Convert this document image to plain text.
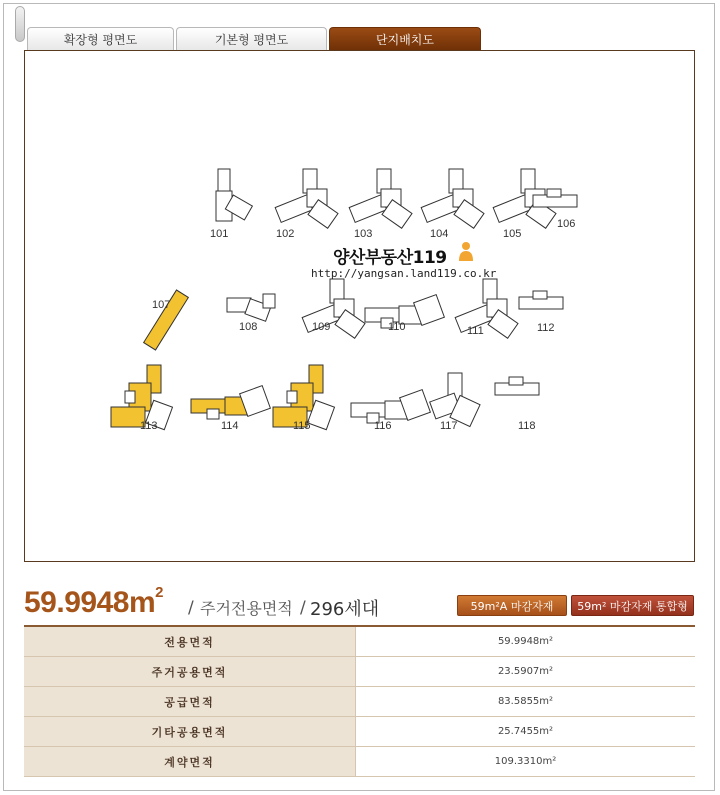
확장형 평면도	기본형 평면도	단지배치도
101	102	103	104	105
106
107
108	109	110	111	112
113	114	115	116	117	118
양산부동산119
http://yangsan.land119.co.kr
$59.9948m^2$
/ 주거전용면적 / 296세대	59m²A 마감자재	59m² 마감자재 통합형
전용면적	59.9948m²
주거공용면적	23.5907m²
공급면적	83.5855m²
기타공용면적	25.7455m²
계약면적	109.3310m²
